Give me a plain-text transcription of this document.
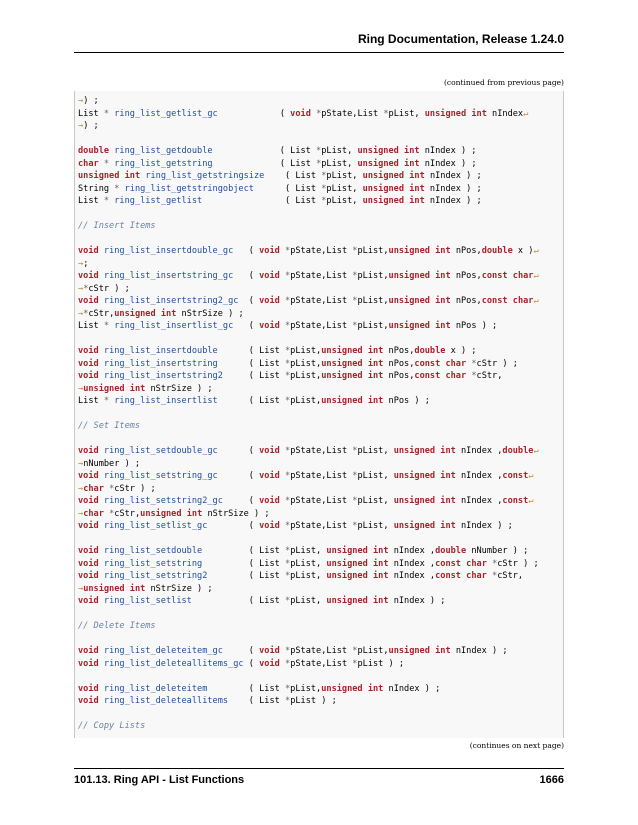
Ring Documentation, Release 1.24.0
(continued from previous page)
→) ;
List * ring_list_getlist_gc            ( void *pState,List *pList, unsigned int nIndex↵
→) ;

double ring_list_getdouble             ( List *pList, unsigned int nIndex ) ;
char * ring_list_getstring             ( List *pList, unsigned int nIndex ) ;
unsigned int ring_list_getstringsize    ( List *pList, unsigned int nIndex ) ;
String * ring_list_getstringobject      ( List *pList, unsigned int nIndex ) ;
List * ring_list_getlist                ( List *pList, unsigned int nIndex ) ;

// Insert Items

void ring_list_insertdouble_gc   ( void *pState,List *pList,unsigned int nPos,double x )↵
→;
void ring_list_insertstring_gc   ( void *pState,List *pList,unsigned int nPos,const char↵
→*cStr ) ;
void ring_list_insertstring2_gc  ( void *pState,List *pList,unsigned int nPos,const char↵
→*cStr,unsigned int nStrSize ) ;
List * ring_list_insertlist_gc   ( void *pState,List *pList,unsigned int nPos ) ;

void ring_list_insertdouble      ( List *pList,unsigned int nPos,double x ) ;
void ring_list_insertstring      ( List *pList,unsigned int nPos,const char *cStr ) ;
void ring_list_insertstring2     ( List *pList,unsigned int nPos,const char *cStr,
→unsigned int nStrSize ) ;
List * ring_list_insertlist      ( List *pList,unsigned int nPos ) ;

// Set Items

void ring_list_setdouble_gc      ( void *pState,List *pList, unsigned int nIndex ,double↵
→nNumber ) ;
void ring_list_setstring_gc      ( void *pState,List *pList, unsigned int nIndex ,const↵
→char *cStr ) ;
void ring_list_setstring2_gc     ( void *pState,List *pList, unsigned int nIndex ,const↵
→char *cStr,unsigned int nStrSize ) ;
void ring_list_setlist_gc        ( void *pState,List *pList, unsigned int nIndex ) ;

void ring_list_setdouble         ( List *pList, unsigned int nIndex ,double nNumber ) ;
void ring_list_setstring         ( List *pList, unsigned int nIndex ,const char *cStr ) ;
void ring_list_setstring2        ( List *pList, unsigned int nIndex ,const char *cStr,
→unsigned int nStrSize ) ;
void ring_list_setlist           ( List *pList, unsigned int nIndex ) ;

// Delete Items

void ring_list_deleteitem_gc     ( void *pState,List *pList,unsigned int nIndex ) ;
void ring_list_deleteallitems_gc ( void *pState,List *pList ) ;

void ring_list_deleteitem        ( List *pList,unsigned int nIndex ) ;
void ring_list_deleteallitems    ( List *pList ) ;

// Copy Lists
(continues on next page)
101.13. Ring API - List Functions	1666
